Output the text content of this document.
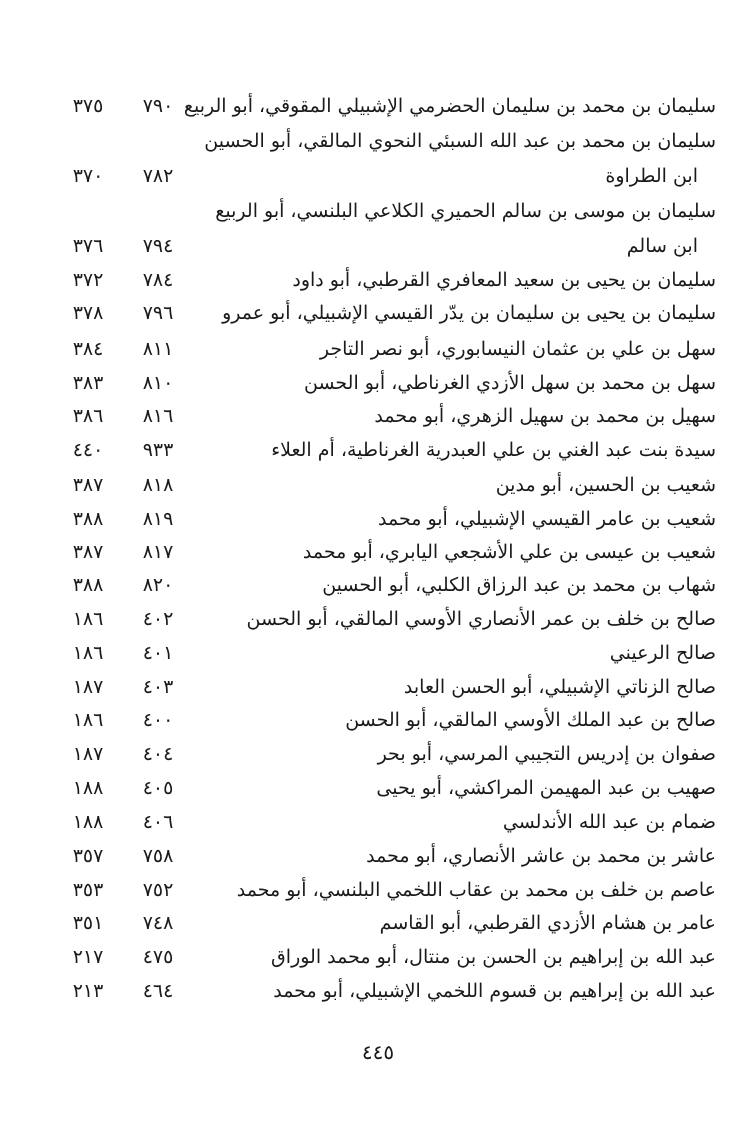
سليمان بن محمد بن سليمان الحضرمي الإشبيلي المقوقي، أبو الربيع
٧٩٠
٣٧٥
سليمان بن محمد بن عبد الله السبئي النحوي المالقي، أبو الحسين
ابن الطراوة
٧٨٢
٣٧٠
سليمان بن موسى بن سالم الحميري الكلاعي البلنسي، أبو الربيع
ابن سالم
٧٩٤
٣٧٦
سليمان بن يحيى بن سعيد المعافري القرطبي، أبو داود
٧٨٤
٣٧٢
سليمان بن يحيى بن سليمان بن يدّر القيسي الإشبيلي، أبو عمرو
٧٩٦
٣٧٨
سهل بن علي بن عثمان النيسابوري، أبو نصر التاجر
٨١١
٣٨٤
سهل بن محمد بن سهل الأزدي الغرناطي، أبو الحسن
٨١٠
٣٨٣
سهيل بن محمد بن سهيل الزهري، أبو محمد
٨١٦
٣٨٦
سيدة بنت عبد الغني بن علي العبدرية الغرناطية، أم العلاء
٩٣٣
٤٤٠
شعيب بن الحسين، أبو مدين
٨١٨
٣٨٧
شعيب بن عامر القيسي الإشبيلي، أبو محمد
٨١٩
٣٨٨
شعيب بن عيسى بن علي الأشجعي اليابري، أبو محمد
٨١٧
٣٨٧
شهاب بن محمد بن عبد الرزاق الكلبي، أبو الحسين
٨٢٠
٣٨٨
صالح بن خلف بن عمر الأنصاري الأوسي المالقي، أبو الحسن
٤٠٢
١٨٦
صالح الرعيني
٤٠١
١٨٦
صالح الزناتي الإشبيلي، أبو الحسن العابد
٤٠٣
١٨٧
صالح بن عبد الملك الأوسي المالقي، أبو الحسن
٤٠٠
١٨٦
صفوان بن إدريس التجيبي المرسي، أبو بحر
٤٠٤
١٨٧
صهيب بن عبد المهيمن المراكشي، أبو يحيى
٤٠٥
١٨٨
ضمام بن عبد الله الأندلسي
٤٠٦
١٨٨
عاشر بن محمد بن عاشر الأنصاري، أبو محمد
٧٥٨
٣٥٧
عاصم بن خلف بن محمد بن عقاب اللخمي البلنسي، أبو محمد
٧٥٢
٣٥٣
عامر بن هشام الأزدي القرطبي، أبو القاسم
٧٤٨
٣٥١
عبد الله بن إبراهيم بن الحسن بن منتال، أبو محمد الوراق
٤٧٥
٢١٧
عبد الله بن إبراهيم بن قسوم اللخمي الإشبيلي، أبو محمد
٤٦٤
٢١٣
٤٤٥
